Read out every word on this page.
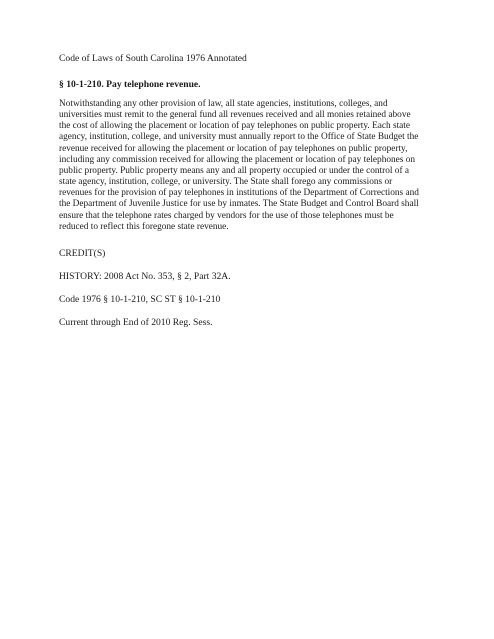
Code of Laws of South Carolina 1976 Annotated
§ 10-1-210. Pay telephone revenue.
Notwithstanding any other provision of law, all state agencies, institutions, colleges, and
universities must remit to the general fund all revenues received and all monies retained above
the cost of allowing the placement or location of pay telephones on public property. Each state
agency, institution, college, and university must annually report to the Office of State Budget the
revenue received for allowing the placement or location of pay telephones on public property,
including any commission received for allowing the placement or location of pay telephones on
public property. Public property means any and all property occupied or under the control of a
state agency, institution, college, or university. The State shall forego any commissions or
revenues for the provision of pay telephones in institutions of the Department of Corrections and
the Department of Juvenile Justice for use by inmates. The State Budget and Control Board shall
ensure that the telephone rates charged by vendors for the use of those telephones must be
reduced to reflect this foregone state revenue.
CREDIT(S)
HISTORY: 2008 Act No. 353, § 2, Part 32A.
Code 1976 § 10-1-210, SC ST § 10-1-210
Current through End of 2010 Reg. Sess.
